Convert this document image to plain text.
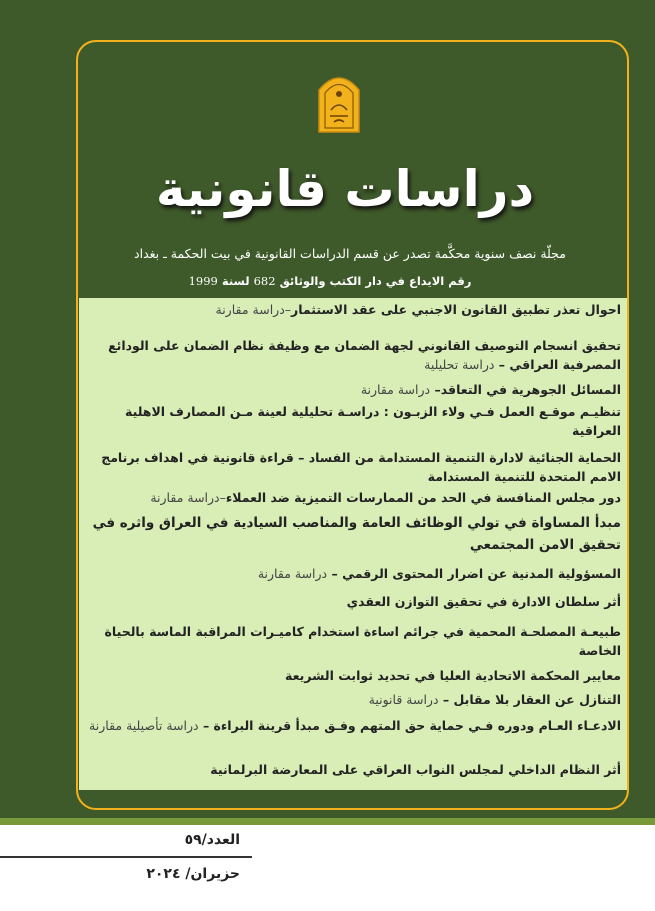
دراسات قانونية
مجلّة نصف سنوية محكَّمة تصدر عن قسم الدراسات القانونية في بيت الحكمة ـ بغداد
رقم الايداع في دار الكتب والوثائق 682 لسنة 1999
احوال تعذر تطبيق القانون الاجنبي على عقد الاستثمار–دراسة مقارنة
تحقيق انسجام التوصيف القانوني لجهة الضمان مع وظيفة نظام الضمان على الودائع المصرفية العراقي – دراسة تحليلية
المسائل الجوهرية في التعاقد– دراسة مقارنة
تنظيـم موقـع العمل فـي ولاء الزبـون : دراسـة تحليلية لعينة مـن المصارف الاهلية العراقية
الحماية الجنائية لادارة التنمية المستدامة من الفساد – قراءة قانونية في اهداف برنامج الامم المتحدة للتنمية المستدامة
دور مجلس المنافسة في الحد من الممارسات التميزية ضد العملاء–دراسة مقارنة
مبدأ المساواة في تولي الوظائف العامة والمناصب السيادية في العراق واثره في تحقيق الامن المجتمعي
المسؤولية المدنية عن اضرار المحتوى الرقمي – دراسة مقارنة
أثر سلطان الادارة في تحقيق التوازن العقدي
طبيعـة المصلحـة المحمية في جرائم اساءة استخدام كاميـرات المراقبة الماسة بالحياة الخاصة
معايير المحكمة الاتحادية العليا في تحديد ثوابت الشريعة
التنازل عن العقار بلا مقابل – دراسة قانونية
الادعـاء العـام ودوره فـي حماية حق المتهم وفـق مبدأ قرينة البراءة – دراسة تأصيلية مقارنة
أثر النظام الداخلي لمجلس النواب العراقي على المعارضة البرلمانية
العدد/٥٩
حزيران/ ٢٠٢٤
